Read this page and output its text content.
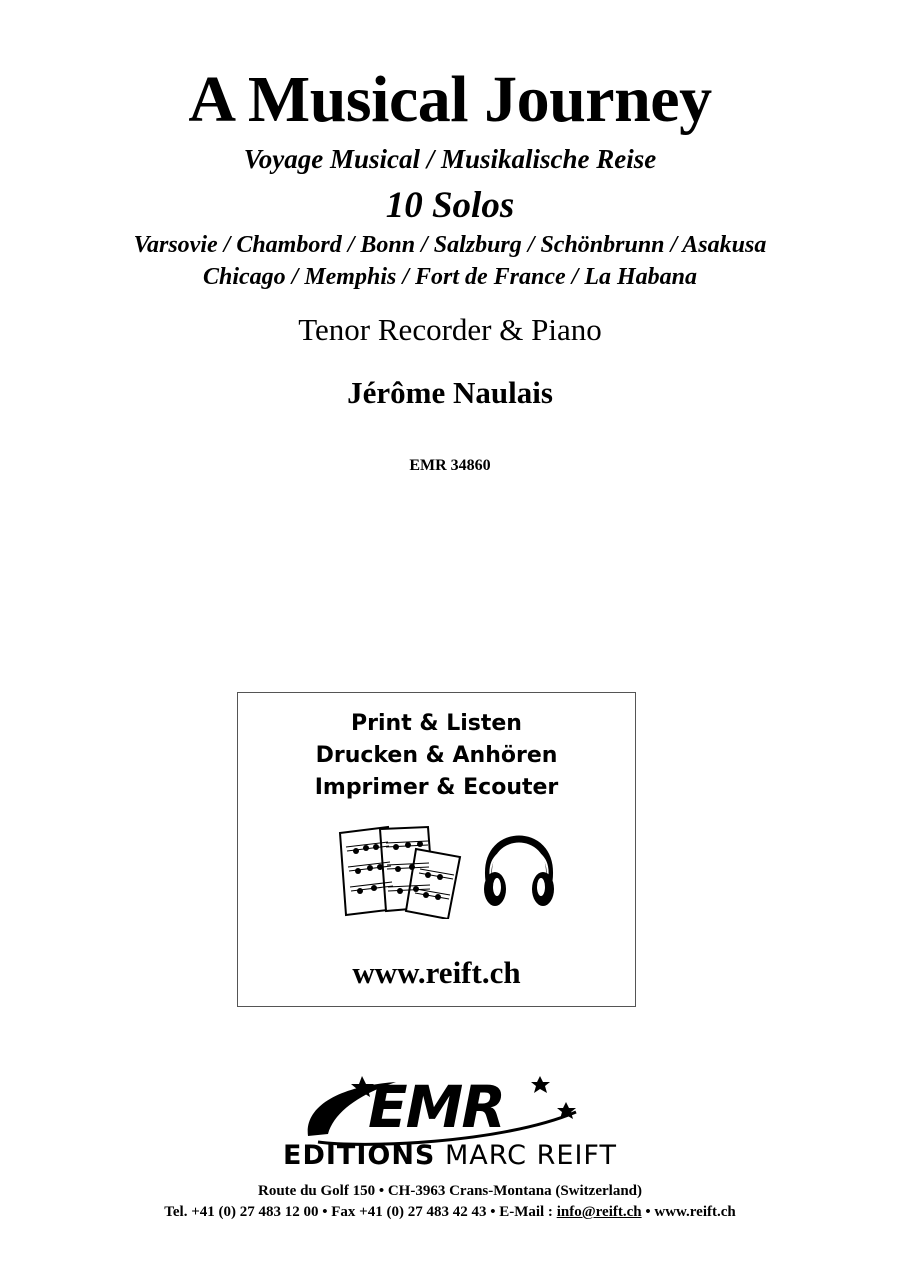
A Musical Journey
Voyage Musical / Musikalische Reise
10 Solos
Varsovie / Chambord / Bonn / Salzburg / Schönbrunn / Asakusa
Chicago / Memphis / Fort de France / La Habana
Tenor Recorder & Piano
Jérôme Naulais
EMR 34860
Print & Listen
Drucken & Anhören
Imprimer & Ecouter
www.reift.ch
EMR
EDITIONS MARC REIFT
Route du Golf 150 • CH-3963 Crans-Montana (Switzerland)
Tel. +41 (0) 27 483 12 00 • Fax +41 (0) 27 483 42 43 • E-Mail : info@reift.ch • www.reift.ch
